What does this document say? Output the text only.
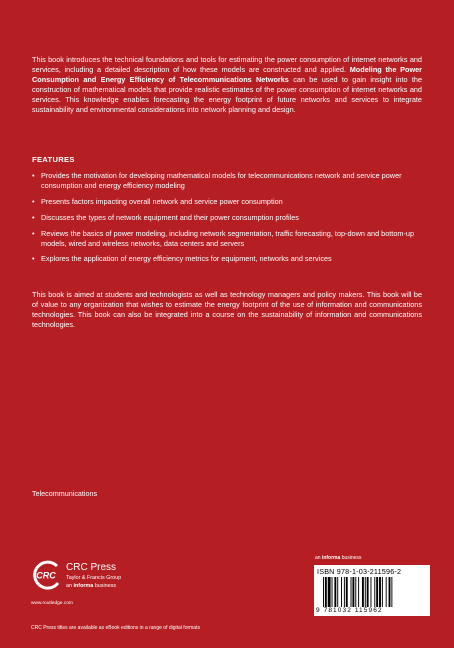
This book introduces the technical foundations and tools for estimating the power consumption of internet networks and services, including a detailed description of how these models are constructed and applied. Modeling the Power Consumption and Energy Efficiency of Telecommunications Networks can be used to gain insight into the construction of mathematical models that provide realistic estimates of the power consumption of internet networks and services. This knowledge enables forecasting the energy footprint of future networks and services to integrate sustainability and environmental considerations into network planning and design.

FEATURES
• Provides the motivation for developing mathematical models for telecommunications network and service power consumption and energy efficiency modeling
• Presents factors impacting overall network and service power consumption
• Discusses the types of network equipment and their power consumption profiles
• Reviews the basics of power modeling, including network segmentation, traffic forecasting, top-down and bottom-up models, wired and wireless networks, data centers and servers
• Explores the application of energy efficiency metrics for equipment, networks and services

This book is aimed at students and technologists as well as technology managers and policy makers. This book will be of value to any organization that wishes to estimate the energy footprint of the use of information and communications technologies. This book can also be integrated into a course on the sustainability of information and communications technologies.

Telecommunications
CRC
CRC Press
Taylor & Francis Group
an informa business
www.routledge.com
CRC Press titles are available as eBook editions in a range of digital formats
an informa business
ISBN 978-1-03-211596-2
9 781032 115962
